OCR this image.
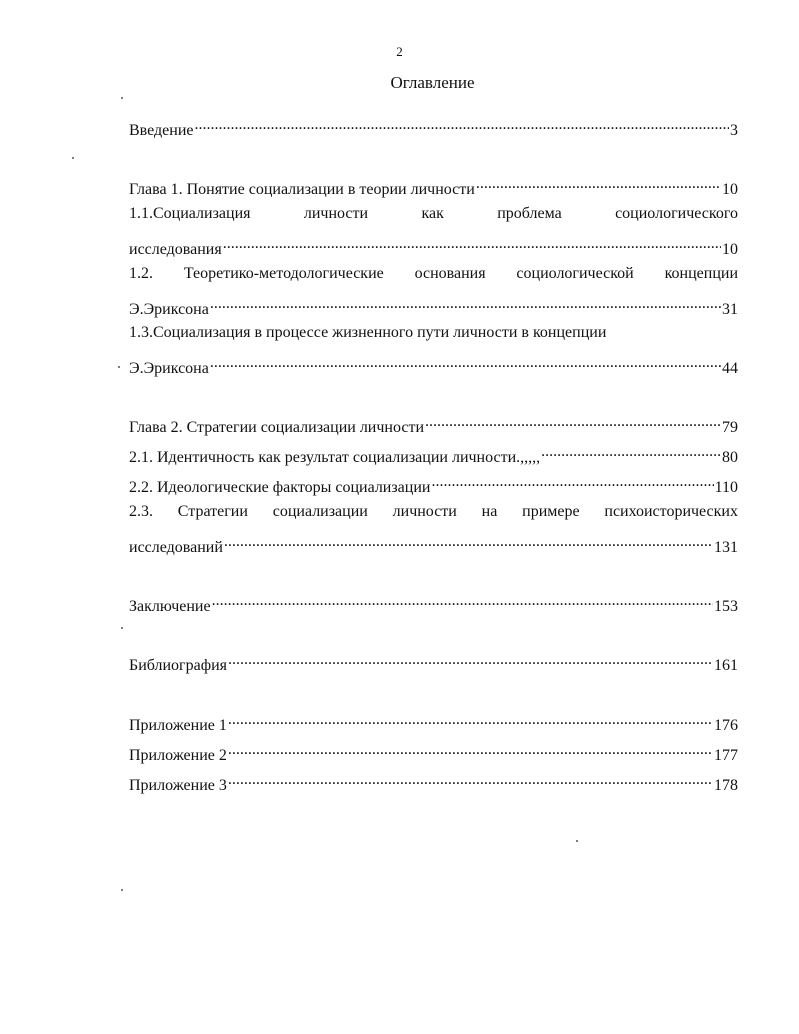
2
Оглавление
Введение .....	3
Глава 1. Понятие социализации в теории личности .....	10
1.1.Социализация	личности	как	проблема	социологического
исследования .....	10
1.2. Теоретико-методологические основания социологической концепции
Э.Эриксона .....	31
1.3.Социализация в процессе жизненного пути личности в концепции
Э.Эриксона .....	44
Глава 2. Стратегии социализации личности .....	79
2.1. Идентичность как результат социализации личности.,,,,, .....	80
2.2. Идеологические факторы социализации .....	110
2.3. Стратегии социализации личности на примере психоисторических
исследований .....	131
Заключение .....	153
Библиография .....	161
Приложение 1 .....	176
Приложение 2 .....	177
Приложение 3 .....	178
